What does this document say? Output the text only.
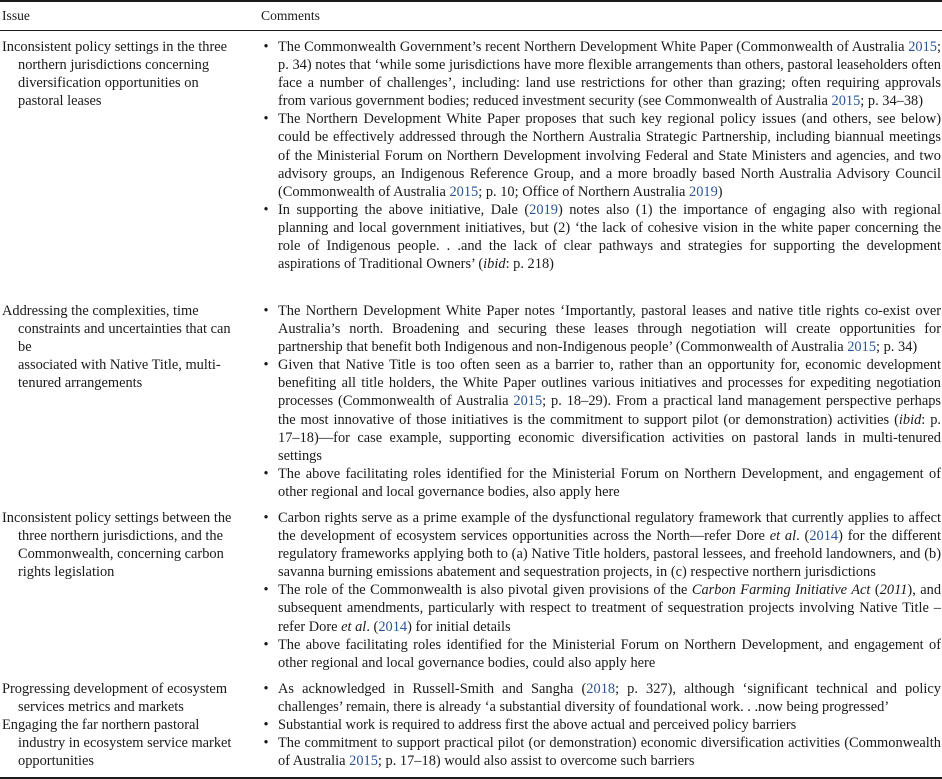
Issue	Comments
Inconsistent policy settings in the three
northern jurisdictions concerning
diversification opportunities on
pastoral leases
• The Commonwealth Government’s recent Northern Development White Paper (Commonwealth of Australia 2015; p. 34) notes that ‘while some jurisdictions have more flexible arrangements than others, pastoral leaseholders often face a number of challenges’, including: land use restrictions for other than grazing; often requiring approvals from various government bodies; reduced investment security (see Commonwealth of Australia 2015; p. 34–38)
• The Northern Development White Paper proposes that such key regional policy issues (and others, see below) could be effectively addressed through the Northern Australia Strategic Partnership, including biannual meetings of the Ministerial Forum on Northern Development involving Federal and State Ministers and agencies, and two advisory groups, an Indigenous Reference Group, and a more broadly based North Australia Advisory Council (Commonwealth of Australia 2015; p. 10; Office of Northern Australia 2019)
• In supporting the above initiative, Dale (2019) notes also (1) the importance of engaging also with regional planning and local government initiatives, but (2) ‘the lack of cohesive vision in the white paper concerning the role of Indigenous people. . .and the lack of clear pathways and strategies for supporting the development aspirations of Traditional Owners’ (ibid: p. 218)
Addressing the complexities, time
constraints and uncertainties that can be
associated with Native Title, multi-
tenured arrangements
• The Northern Development White Paper notes ‘Importantly, pastoral leases and native title rights co-exist over Australia’s north. Broadening and securing these leases through negotiation will create opportunities for partnership that benefit both Indigenous and non-Indigenous people’ (Commonwealth of Australia 2015; p. 34)
• Given that Native Title is too often seen as a barrier to, rather than an opportunity for, economic development benefiting all title holders, the White Paper outlines various initiatives and processes for expediting negotiation processes (Commonwealth of Australia 2015; p. 18–29). From a practical land management perspective perhaps the most innovative of those initiatives is the commitment to support pilot (or demonstration) activities (ibid: p. 17–18)—for case example, supporting economic diversification activities on pastoral lands in multi-tenured settings
• The above facilitating roles identified for the Ministerial Forum on Northern Development, and engagement of other regional and local governance bodies, also apply here
Inconsistent policy settings between the
three northern jurisdictions, and the
Commonwealth, concerning carbon
rights legislation
• Carbon rights serve as a prime example of the dysfunctional regulatory framework that currently applies to affect the development of ecosystem services opportunities across the North—refer Dore et al. (2014) for the different regulatory frameworks applying both to (a) Native Title holders, pastoral lessees, and freehold landowners, and (b) savanna burning emissions abatement and sequestration projects, in (c) respective northern jurisdictions
• The role of the Commonwealth is also pivotal given provisions of the Carbon Farming Initiative Act (2011), and subsequent amendments, particularly with respect to treatment of sequestration projects involving Native Title – refer Dore et al. (2014) for initial details
• The above facilitating roles identified for the Ministerial Forum on Northern Development, and engagement of other regional and local governance bodies, could also apply here
Progressing development of ecosystem
services metrics and markets
• As acknowledged in Russell-Smith and Sangha (2018; p. 327), although ‘significant technical and policy challenges’ remain, there is already ‘a substantial diversity of foundational work. . .now being progressed’
Engaging the far northern pastoral
industry in ecosystem service market
opportunities
• Substantial work is required to address first the above actual and perceived policy barriers
• The commitment to support practical pilot (or demonstration) economic diversification activities (Commonwealth of Australia 2015; p. 17–18) would also assist to overcome such barriers
